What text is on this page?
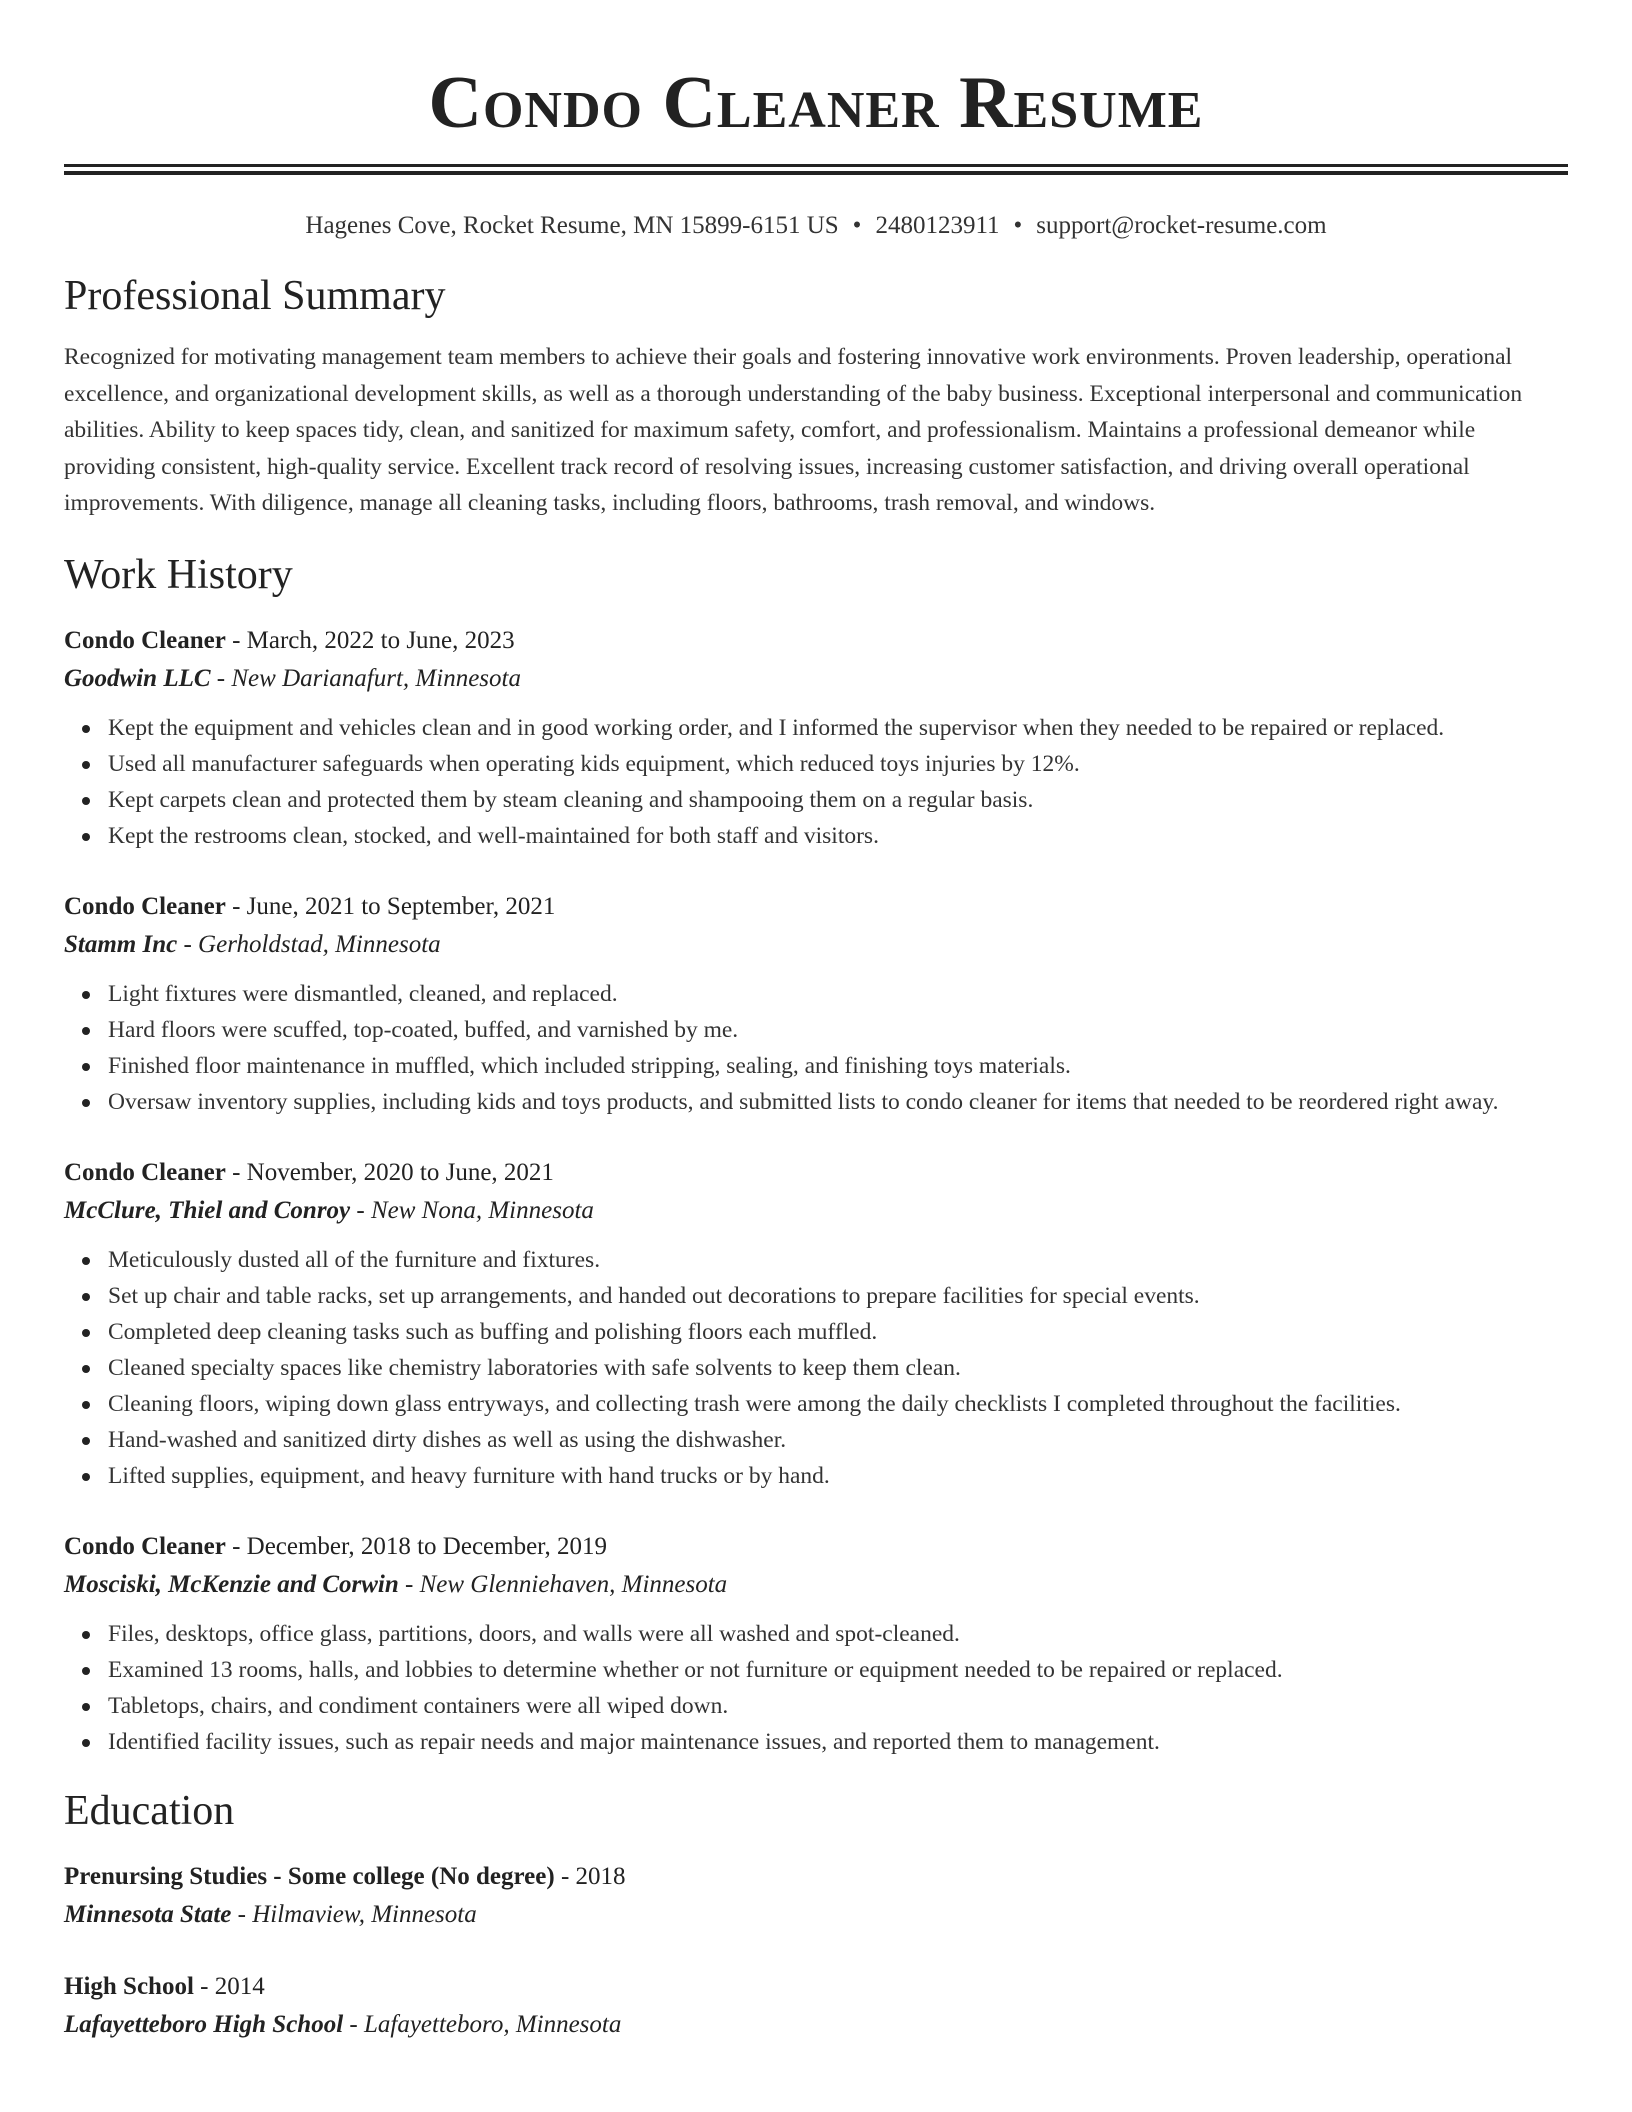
Condo Cleaner Resume
Hagenes Cove, Rocket Resume, MN 15899-6151 US • 2480123911 • support@rocket-resume.com
Professional Summary

Recognized for motivating management team members to achieve their goals and fostering innovative work environments. Proven leadership, operational excellence, and organizational development skills, as well as a thorough understanding of the baby business. Exceptional interpersonal and communication abilities. Ability to keep spaces tidy, clean, and sanitized for maximum safety, comfort, and professionalism. Maintains a professional demeanor while providing consistent, high-quality service. Excellent track record of resolving issues, increasing customer satisfaction, and driving overall operational improvements. With diligence, manage all cleaning tasks, including floors, bathrooms, trash removal, and windows.

Work History
Condo Cleaner - March, 2022 to June, 2023
Goodwin LLC - New Darianafurt, Minnesota
Kept the equipment and vehicles clean and in good working order, and I informed the supervisor when they needed to be repaired or replaced.
Used all manufacturer safeguards when operating kids equipment, which reduced toys injuries by 12%.
Kept carpets clean and protected them by steam cleaning and shampooing them on a regular basis.
Kept the restrooms clean, stocked, and well-maintained for both staff and visitors.
Condo Cleaner - June, 2021 to September, 2021
Stamm Inc - Gerholdstad, Minnesota
Light fixtures were dismantled, cleaned, and replaced.
Hard floors were scuffed, top-coated, buffed, and varnished by me.
Finished floor maintenance in muffled, which included stripping, sealing, and finishing toys materials.
Oversaw inventory supplies, including kids and toys products, and submitted lists to condo cleaner for items that needed to be reordered right away.
Condo Cleaner - November, 2020 to June, 2021
McClure, Thiel and Conroy - New Nona, Minnesota
Meticulously dusted all of the furniture and fixtures.
Set up chair and table racks, set up arrangements, and handed out decorations to prepare facilities for special events.
Completed deep cleaning tasks such as buffing and polishing floors each muffled.
Cleaned specialty spaces like chemistry laboratories with safe solvents to keep them clean.
Cleaning floors, wiping down glass entryways, and collecting trash were among the daily checklists I completed throughout the facilities.
Hand-washed and sanitized dirty dishes as well as using the dishwasher.
Lifted supplies, equipment, and heavy furniture with hand trucks or by hand.
Condo Cleaner - December, 2018 to December, 2019
Mosciski, McKenzie and Corwin - New Glenniehaven, Minnesota
Files, desktops, office glass, partitions, doors, and walls were all washed and spot-cleaned.
Examined 13 rooms, halls, and lobbies to determine whether or not furniture or equipment needed to be repaired or replaced.
Tabletops, chairs, and condiment containers were all wiped down.
Identified facility issues, such as repair needs and major maintenance issues, and reported them to management.
Education
Prenursing Studies - Some college (No degree) - 2018
Minnesota State - Hilmaview, Minnesota
High School - 2014
Lafayetteboro High School - Lafayetteboro, Minnesota
